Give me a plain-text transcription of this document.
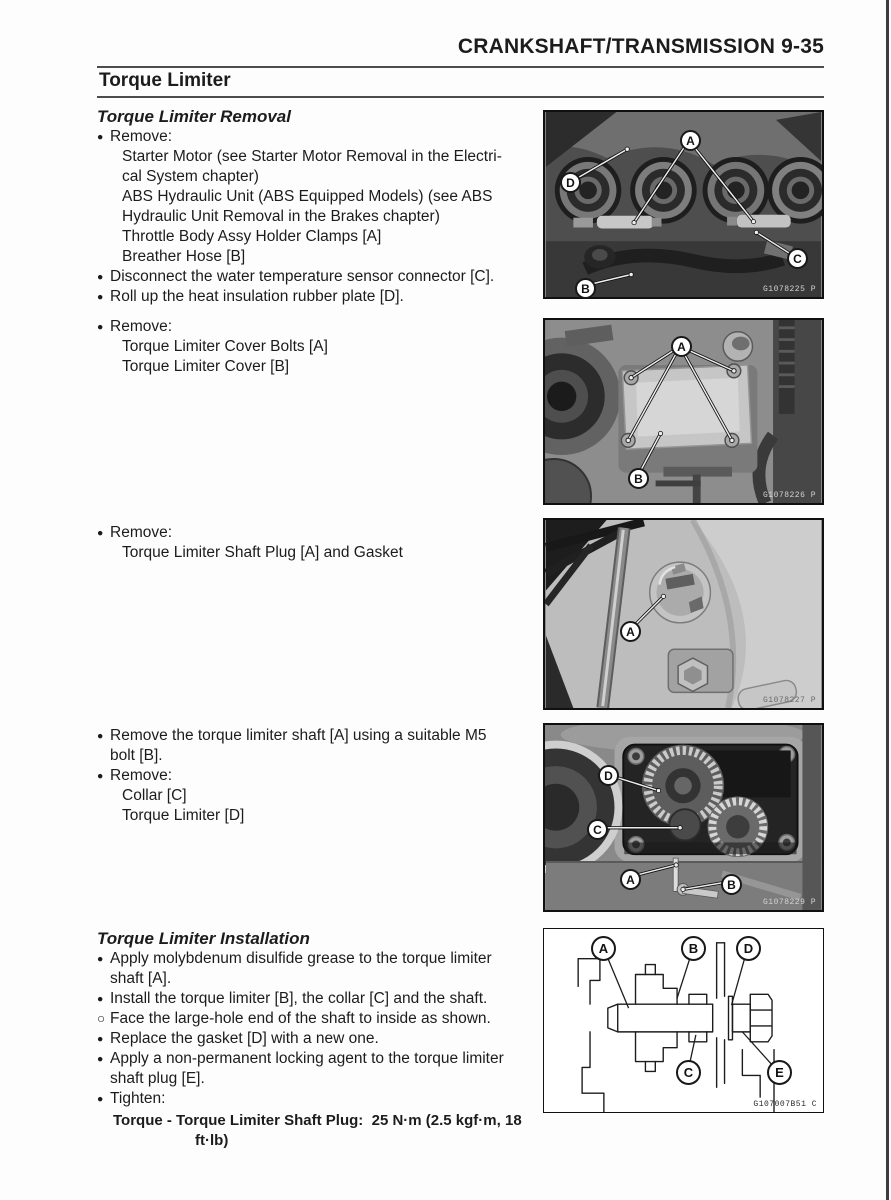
CRANKSHAFT/TRANSMISSION 9-35
Torque Limiter
Torque Limiter Removal
● Remove:
Starter Motor (see Starter Motor Removal in the Electri-
cal System chapter)
ABS Hydraulic Unit (ABS Equipped Models) (see ABS
Hydraulic Unit Removal in the Brakes chapter)
Throttle Body Assy Holder Clamps [A]
Breather Hose [B]
● Disconnect the water temperature sensor connector [C].
● Roll up the heat insulation rubber plate [D].
● Remove:
Torque Limiter Cover Bolts [A]
Torque Limiter Cover [B]
● Remove:
Torque Limiter Shaft Plug [A] and Gasket
● Remove the torque limiter shaft [A] using a suitable M5
bolt [B].
● Remove:
Collar [C]
Torque Limiter [D]
Torque Limiter Installation
● Apply molybdenum disulfide grease to the torque limiter
shaft [A].
● Install the torque limiter [B], the collar [C] and the shaft.
○ Face the large-hole end of the shaft to inside as shown.
● Replace the gasket [D] with a new one.
● Apply a non-permanent locking agent to the torque limiter
shaft plug [E].
● Tighten:
Torque - Torque Limiter Shaft Plug:  25 N·m (2.5 kgf·m, 18
ft·lb)
A
D
C
B	G1078225 P
A
B
G1078226 P
A
G1078227 P
D
C
A	B
G1078229 P
A	B	D
C	E
G107007B51 C
